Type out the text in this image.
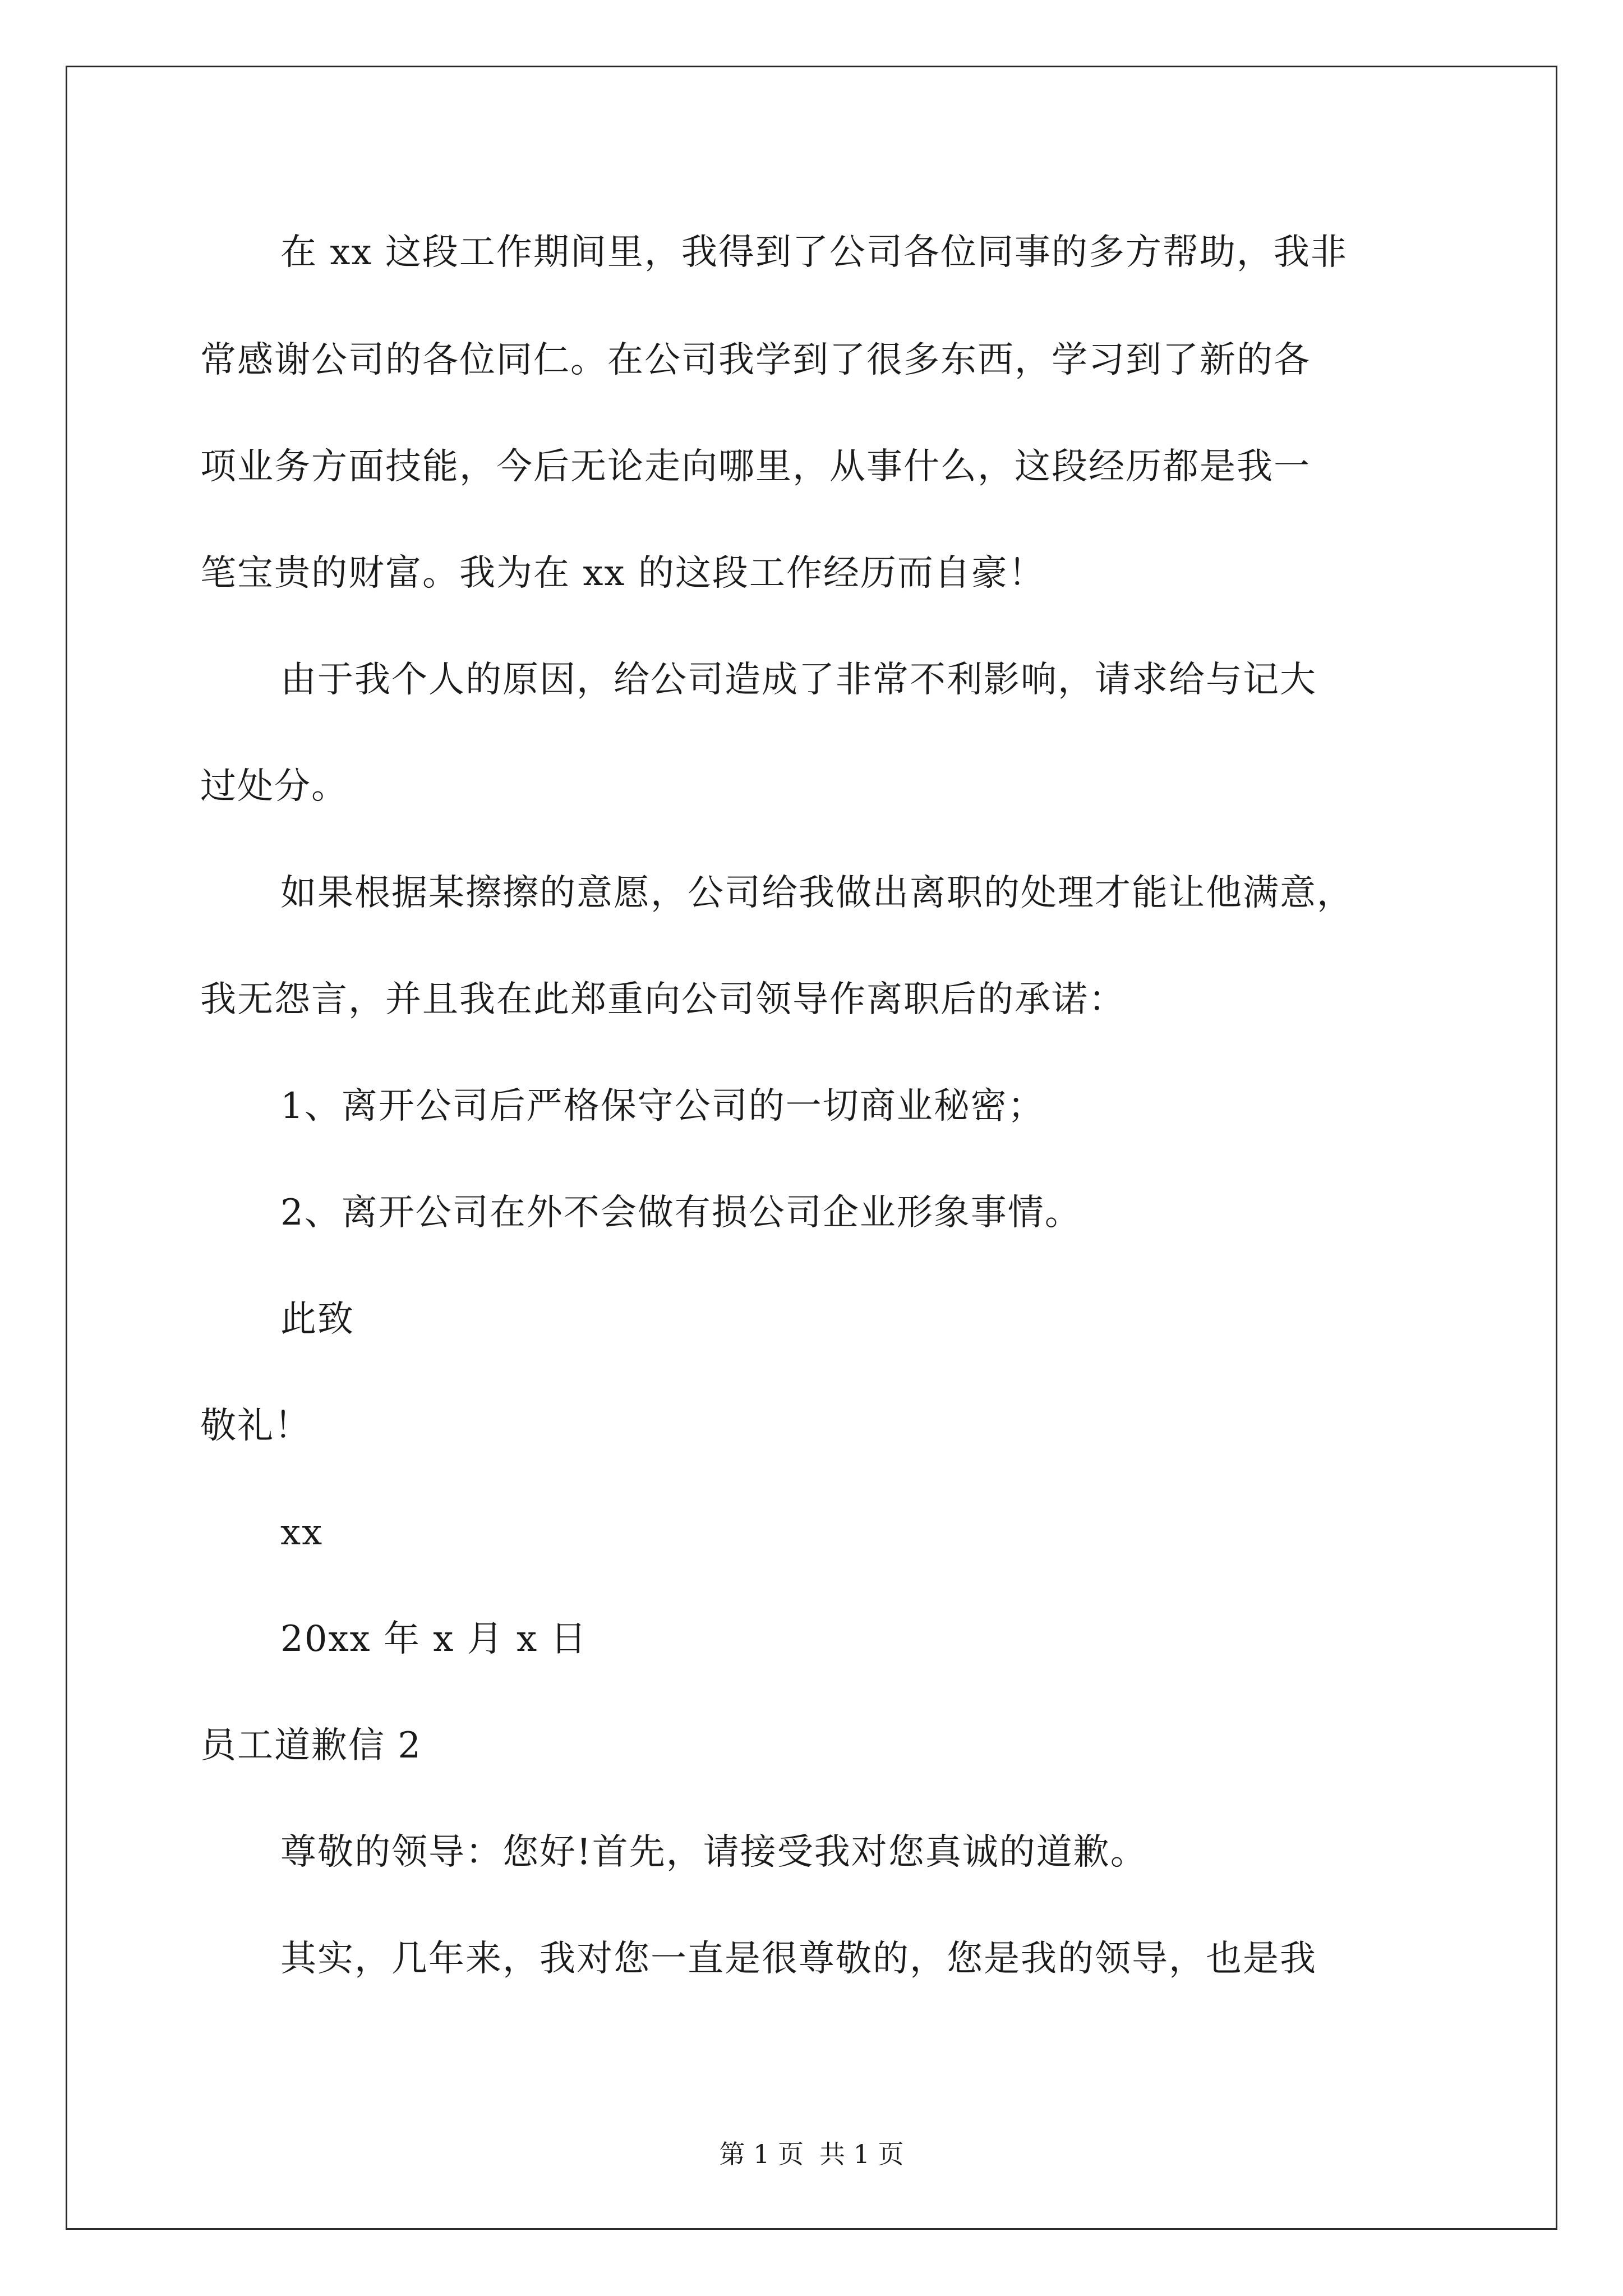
在 xx 这段工作期间里，我得到了公司各位同事的多方帮助，我非
常感谢公司的各位同仁。在公司我学到了很多东西，学习到了新的各
项业务方面技能，今后无论走向哪里，从事什么，这段经历都是我一
笔宝贵的财富。我为在 xx 的这段工作经历而自豪！
由于我个人的原因，给公司造成了非常不利影响，请求给与记大
过处分。
如果根据某擦擦的意愿，公司给我做出离职的处理才能让他满意，
我无怨言，并且我在此郑重向公司领导作离职后的承诺：
1、离开公司后严格保守公司的一切商业秘密；
2、离开公司在外不会做有损公司企业形象事情。
此致
敬礼！
xx
20xx 年 x 月 x 日
员工道歉信 2
尊敬的领导：您好!首先，请接受我对您真诚的道歉。
其实，几年来，我对您一直是很尊敬的，您是我的领导，也是我
第 1 页 共 1 页
